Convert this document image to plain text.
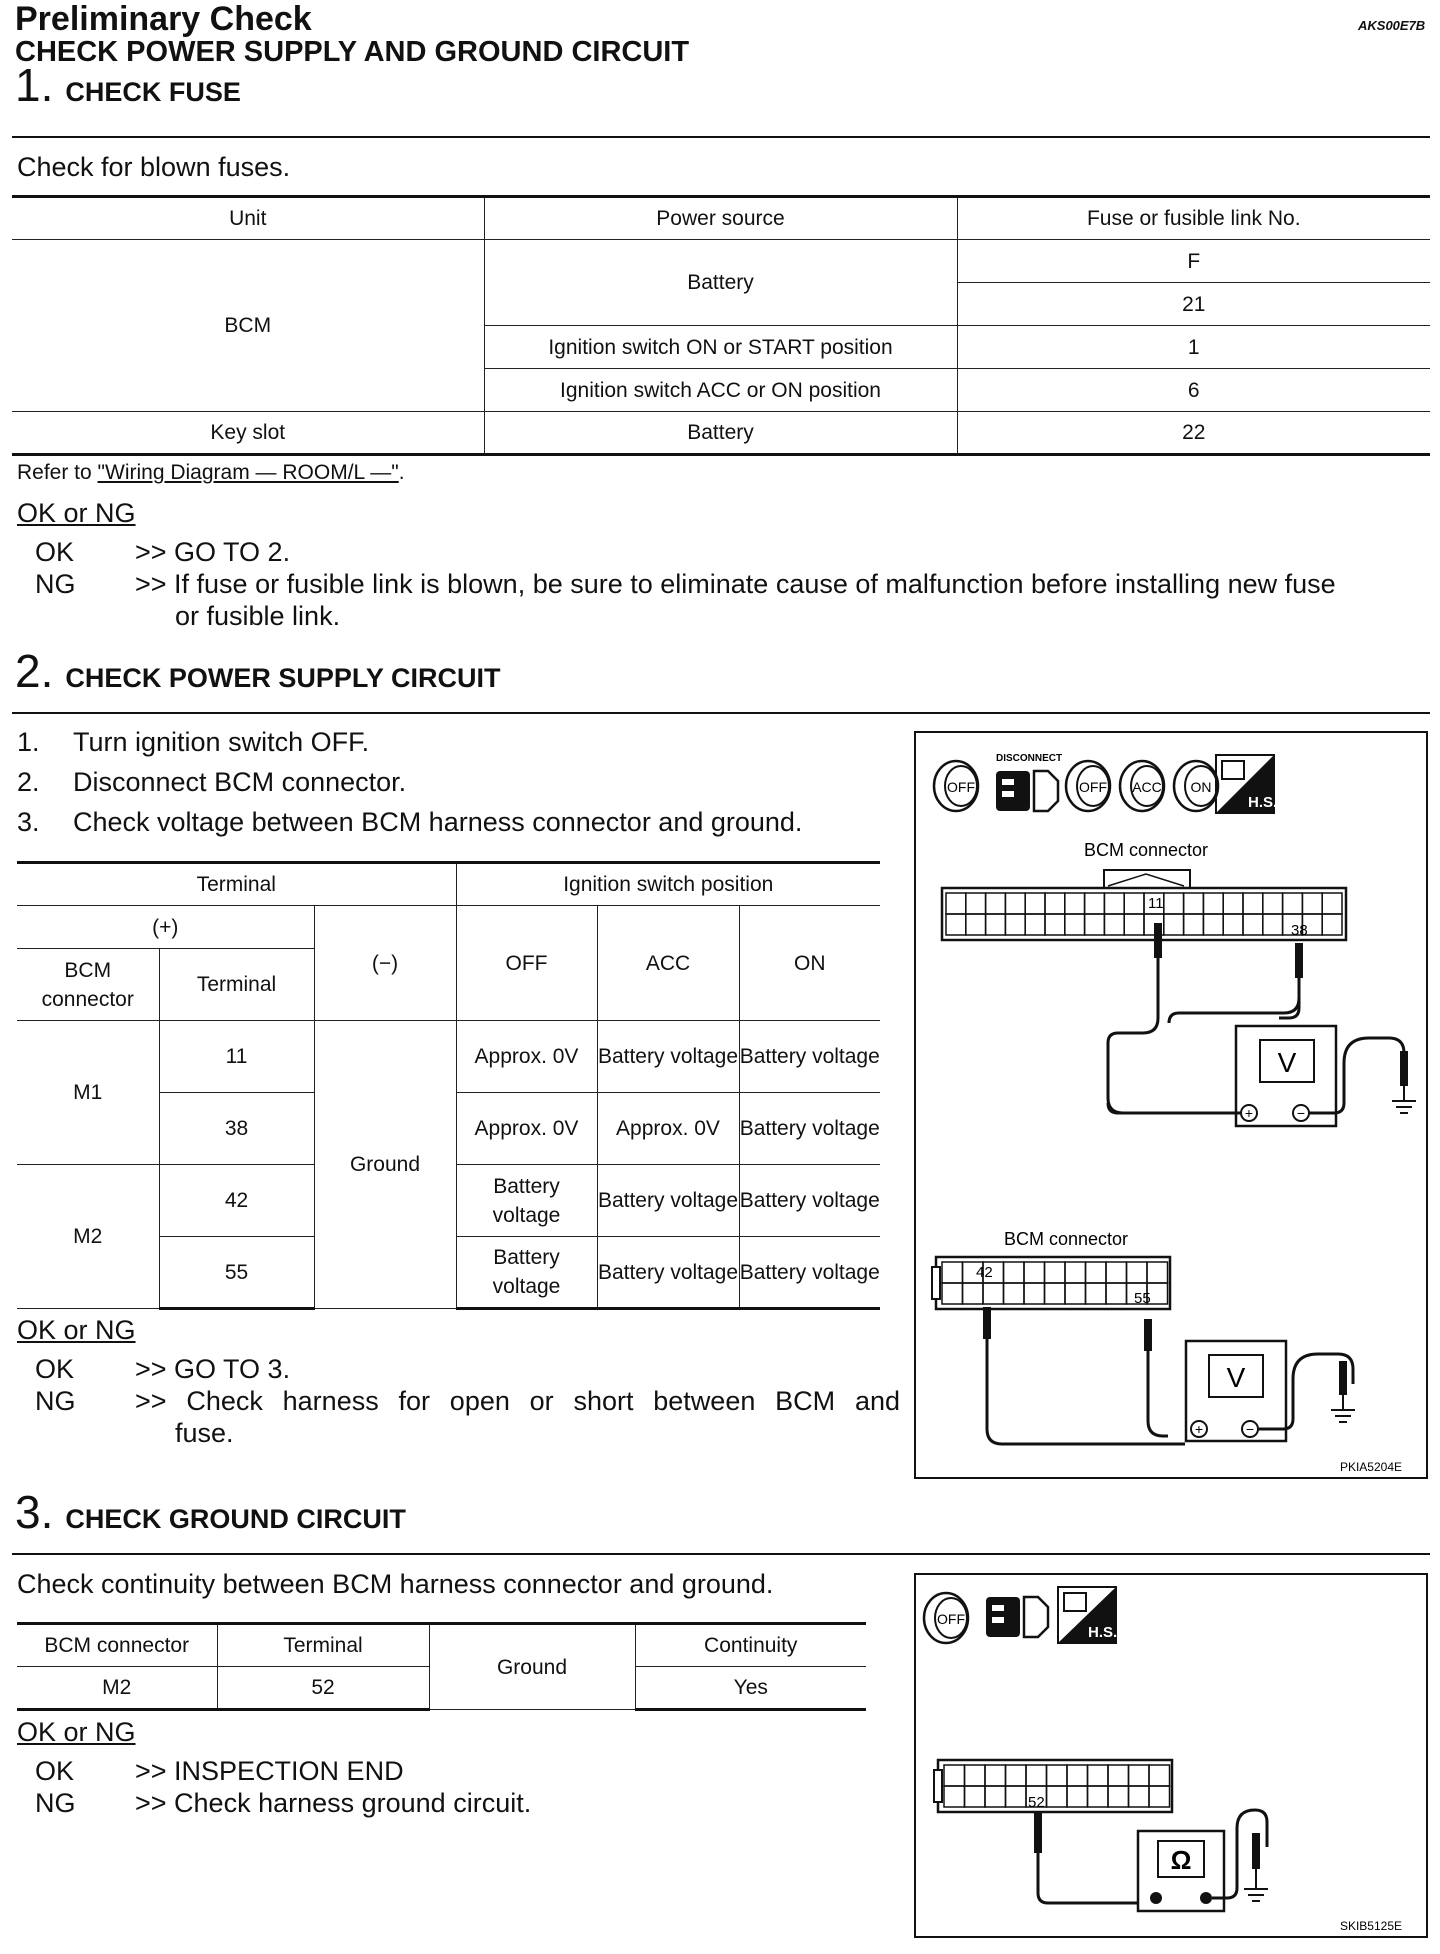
Preliminary Check
CHECK POWER SUPPLY AND GROUND CIRCUIT
AKS00E7B
1. CHECK FUSE
Check for blown fuses.
Unit	Power source	Fuse or fusible link No.
BCM	Battery	F
		21
	Ignition switch ON or START position	1
	Ignition switch ACC or ON position	6
Key slot	Battery	22
Refer to "Wiring Diagram — ROOM/L —".
OK or NG
OK >> GO TO 2.
NG >> If fuse or fusible link is blown, be sure to eliminate cause of malfunction before installing new fuse
or fusible link.
2. CHECK POWER SUPPLY CIRCUIT
1. Turn ignition switch OFF.
2. Disconnect BCM connector.
3. Check voltage between BCM harness connector and ground.
Terminal			Ignition switch position		
(+)		(−)	OFF	ACC	ON
BCM connector	Terminal				
M1	11	Ground	Approx. 0V	Battery voltage	Battery voltage
	38		Approx. 0V	Approx. 0V	Battery voltage
M2	42		Battery voltage	Battery voltage	Battery voltage
	55		Battery voltage	Battery voltage	Battery voltage
OK or NG
OK >> GO TO 3.
NG >> Check harness for open or short between BCM and
fuse.
OFF
DISCONNECT
OFF ACC ON
H.S.
BCM connector
11
38
V
+	−
BCM connector
42
55
V
+	−
PKIA5204E
3. CHECK GROUND CIRCUIT
Check continuity between BCM harness connector and ground.
BCM connector	Terminal	Ground	Continuity
M2	52		Yes
OK or NG
OK >> INSPECTION END
NG >> Check harness ground circuit.
OFF
H.S.
52
Ω
SKIB5125E
